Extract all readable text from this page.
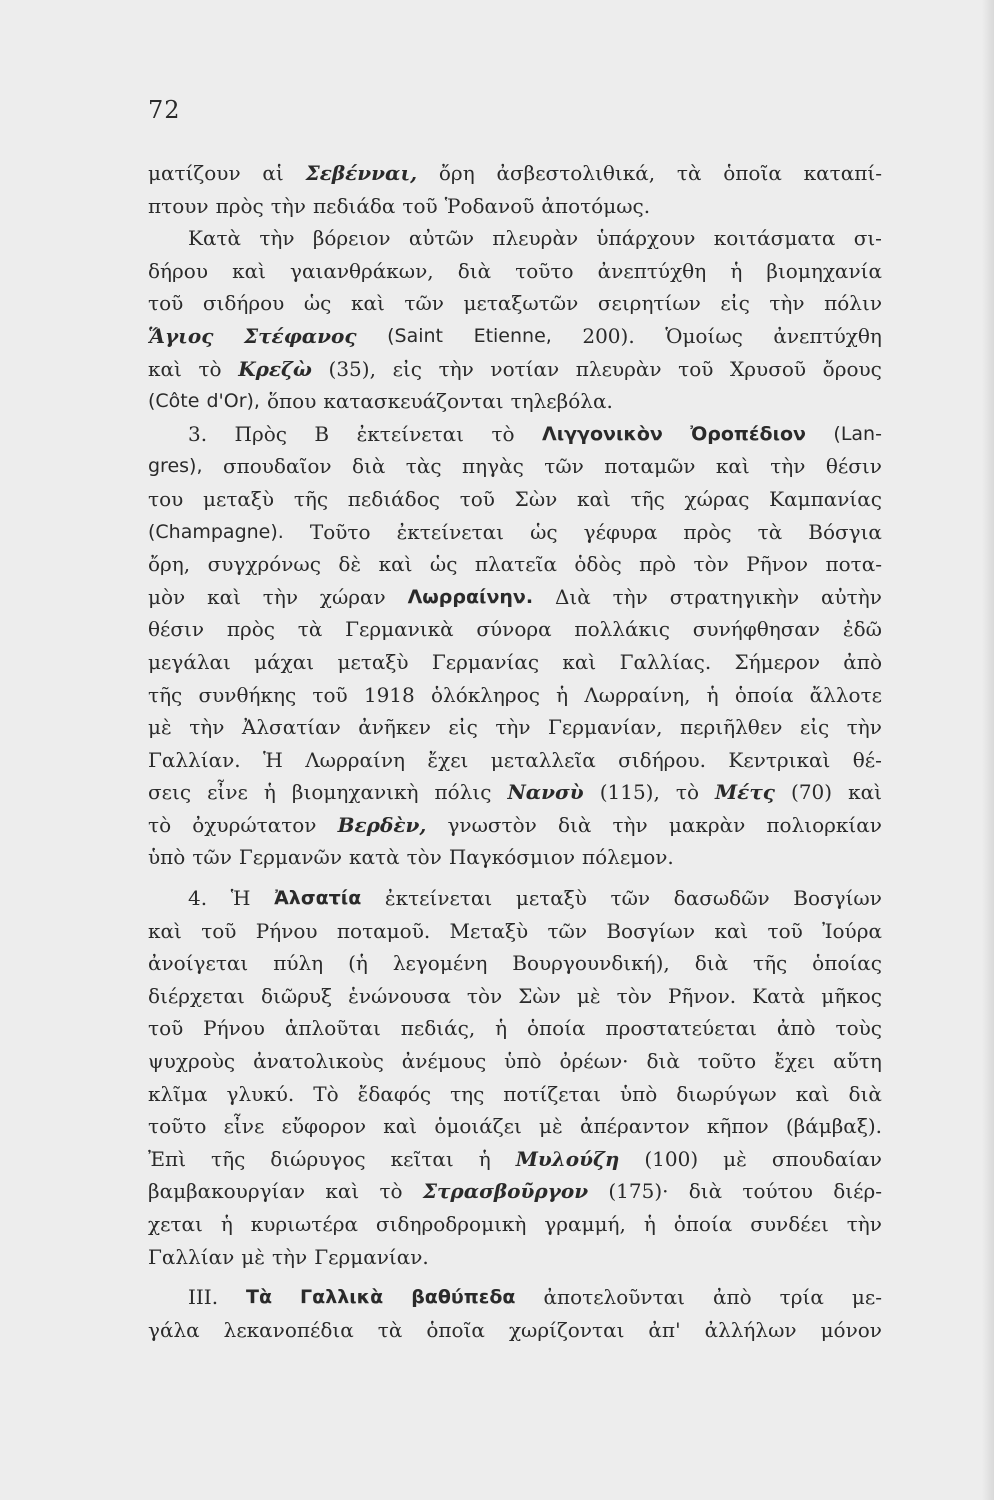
72
ματίζουν αἱ Σεβένναι, ὄρη ἀσβεστολιθικά, τὰ ὁποῖα καταπί-
πτουν πρὸς τὴν πεδιάδα τοῦ Ῥοδανοῦ ἀποτόμως.
Κατὰ τὴν βόρειον αὐτῶν πλευρὰν ὑπάρχουν κοιτάσματα σι-
δήρου καὶ γαιανθράκων, διὰ τοῦτο ἀνεπτύχθη ἡ βιομηχανία
τοῦ σιδήρου ὡς καὶ τῶν μεταξωτῶν σειρητίων εἰς τὴν πόλιν
Ἅγιος Στέφανος (Saint Etienne, 200). Ὁμοίως ἀνεπτύχθη
καὶ τὸ Κρεζὼ (35), εἰς τὴν νοτίαν πλευρὰν τοῦ Χρυσοῦ ὄρους
(Côte d'Or), ὅπου κατασκευάζονται τηλεβόλα.
3. Πρὸς Β ἐκτείνεται τὸ Λιγγονικὸν Ὀροπέδιον (Lan-
gres), σπουδαῖον διὰ τὰς πηγὰς τῶν ποταμῶν καὶ τὴν θέσιν
του μεταξὺ τῆς πεδιάδος τοῦ Σὼν καὶ τῆς χώρας Καμπανίας
(Champagne). Τοῦτο ἐκτείνεται ὡς γέφυρα πρὸς τὰ Βόσγια
ὄρη, συγχρόνως δὲ καὶ ὡς πλατεῖα ὁδὸς πρὸ τὸν Ρῆνον ποτα-
μὸν καὶ τὴν χώραν Λωρραίνην. Διὰ τὴν στρατηγικὴν αὐτὴν
θέσιν πρὸς τὰ Γερμανικὰ σύνορα πολλάκις συνήφθησαν ἐδῶ
μεγάλαι μάχαι μεταξὺ Γερμανίας καὶ Γαλλίας. Σήμερον ἀπὸ
τῆς συνθήκης τοῦ 1918 ὁλόκληρος ἡ Λωρραίνη, ἡ ὁποία ἄλλοτε
μὲ τὴν Ἀλσατίαν ἀνῆκεν εἰς τὴν Γερμανίαν, περιῆλθεν εἰς τὴν
Γαλλίαν. Ἡ Λωρραίνη ἔχει μεταλλεῖα σιδήρου. Κεντρικαὶ θέ-
σεις εἶνε ἡ βιομηχανικὴ πόλις Νανσὺ (115), τὸ Μέτς (70) καὶ
τὸ ὀχυρώτατον Βερδὲν, γνωστὸν διὰ τὴν μακρὰν πολιορκίαν
ὑπὸ τῶν Γερμανῶν κατὰ τὸν Παγκόσμιον πόλεμον.
4. Ἡ Ἀλσατία ἐκτείνεται μεταξὺ τῶν δασωδῶν Βοσγίων
καὶ τοῦ Ρήνου ποταμοῦ. Μεταξὺ τῶν Βοσγίων καὶ τοῦ Ἰούρα
ἀνοίγεται πύλη (ἡ λεγομένη Βουργουνδική), διὰ τῆς ὁποίας
διέρχεται διῶρυξ ἑνώνουσα τὸν Σὼν μὲ τὸν Ρῆνον. Κατὰ μῆκος
τοῦ Ρήνου ἁπλοῦται πεδιάς, ἡ ὁποία προστατεύεται ἀπὸ τοὺς
ψυχροὺς ἀνατολικοὺς ἀνέμους ὑπὸ ὀρέων· διὰ τοῦτο ἔχει αὕτη
κλῖμα γλυκύ. Τὸ ἔδαφός της ποτίζεται ὑπὸ διωρύγων καὶ διὰ
τοῦτο εἶνε εὔφορον καὶ ὁμοιάζει μὲ ἀπέραντον κῆπον (βάμβαξ).
Ἐπὶ τῆς διώρυγος κεῖται ἡ Μυλούζη (100) μὲ σπουδαίαν
βαμβακουργίαν καὶ τὸ Στρασβοῦργον (175)· διὰ τούτου διέρ-
χεται ἡ κυριωτέρα σιδηροδρομικὴ γραμμή, ἡ ὁποία συνδέει τὴν
Γαλλίαν μὲ τὴν Γερμανίαν.
ΙΙΙ. Τὰ Γαλλικὰ βαθύπεδα ἀποτελοῦνται ἀπὸ τρία με-
γάλα λεκανοπέδια τὰ ὁποῖα χωρίζονται ἀπ' ἀλλήλων μόνον
